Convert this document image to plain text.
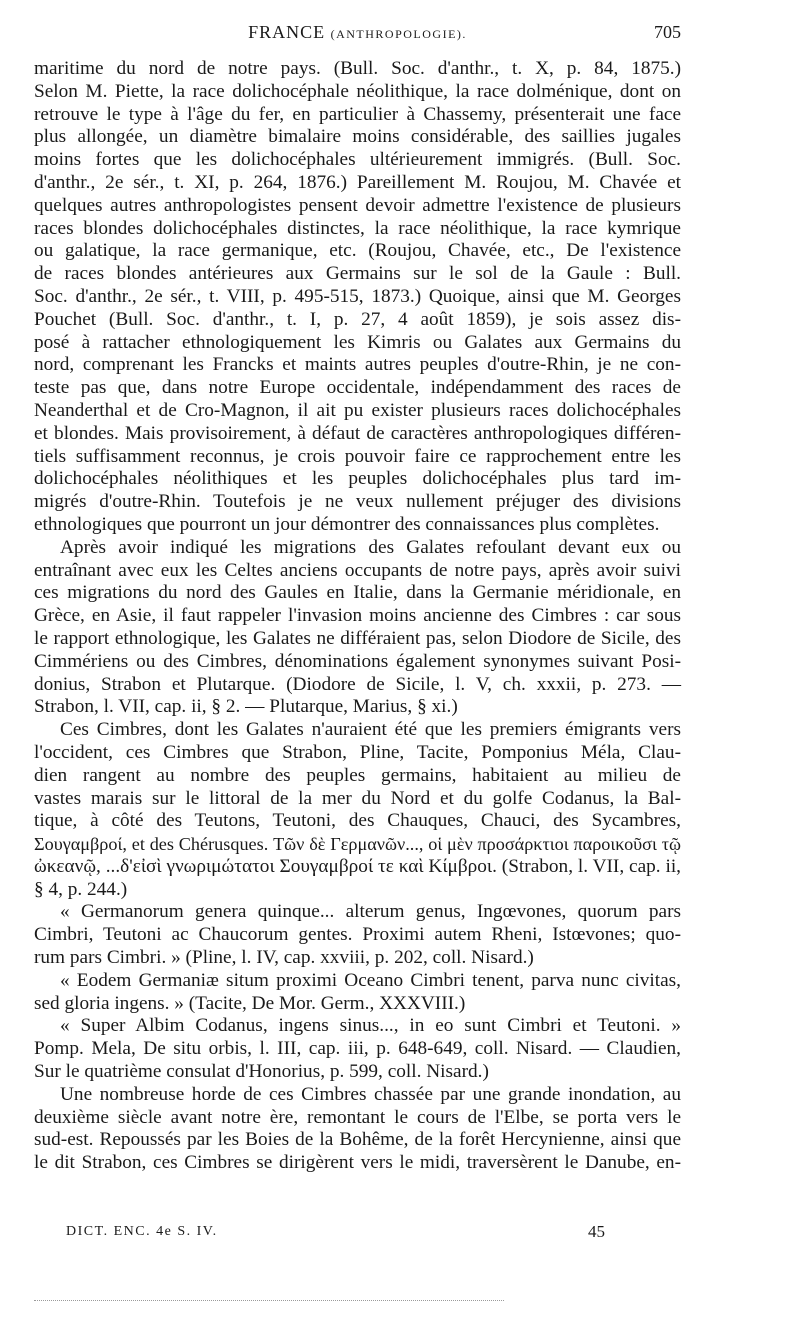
FRANCE (ANTHROPOLOGIE).	705
maritime du nord de notre pays. (Bull. Soc. d'anthr., t. X, p. 84, 1875.)
Selon M. Piette, la race dolichocéphale néolithique, la race dolménique, dont on
retrouve le type à l'âge du fer, en particulier à Chassemy, présenterait une face
plus allongée, un diamètre bimalaire moins considérable, des saillies jugales
moins fortes que les dolichocéphales ultérieurement immigrés. (Bull. Soc.
d'anthr., 2e sér., t. XI, p. 264, 1876.) Pareillement M. Roujou, M. Chavée et
quelques autres anthropologistes pensent devoir admettre l'existence de plusieurs
races blondes dolichocéphales distinctes, la race néolithique, la race kymrique
ou galatique, la race germanique, etc. (Roujou, Chavée, etc., De l'existence
de races blondes antérieures aux Germains sur le sol de la Gaule : Bull.
Soc. d'anthr., 2e sér., t. VIII, p. 495-515, 1873.) Quoique, ainsi que M. Georges
Pouchet (Bull. Soc. d'anthr., t. I, p. 27, 4 août 1859), je sois assez dis-
posé à rattacher ethnologiquement les Kimris ou Galates aux Germains du
nord, comprenant les Francks et maints autres peuples d'outre-Rhin, je ne con-
teste pas que, dans notre Europe occidentale, indépendamment des races de
Neanderthal et de Cro-Magnon, il ait pu exister plusieurs races dolichocéphales
et blondes. Mais provisoirement, à défaut de caractères anthropologiques différen-
tiels suffisamment reconnus, je crois pouvoir faire ce rapprochement entre les
dolichocéphales néolithiques et les peuples dolichocéphales plus tard im-
migrés d'outre-Rhin. Toutefois je ne veux nullement préjuger des divisions
ethnologiques que pourront un jour démontrer des connaissances plus complètes.
Après avoir indiqué les migrations des Galates refoulant devant eux ou
entraînant avec eux les Celtes anciens occupants de notre pays, après avoir suivi
ces migrations du nord des Gaules en Italie, dans la Germanie méridionale, en
Grèce, en Asie, il faut rappeler l'invasion moins ancienne des Cimbres : car sous
le rapport ethnologique, les Galates ne différaient pas, selon Diodore de Sicile, des
Cimmériens ou des Cimbres, dénominations également synonymes suivant Posi-
donius, Strabon et Plutarque. (Diodore de Sicile, l. V, ch. xxxii, p. 273. —
Strabon, l. VII, cap. ii, § 2. — Plutarque, Marius, § xi.)
Ces Cimbres, dont les Galates n'auraient été que les premiers émigrants vers
l'occident, ces Cimbres que Strabon, Pline, Tacite, Pomponius Méla, Clau-
dien rangent au nombre des peuples germains, habitaient au milieu de
vastes marais sur le littoral de la mer du Nord et du golfe Codanus, la Bal-
tique, à côté des Teutons, Teutoni, des Chauques, Chauci, des Sycambres,
Σουγαμβροί, et des Chérusques. Τῶν δὲ Γερμανῶν..., οἱ μὲν προσάρκτιοι παροικοῦσι τῷ
ὠκεανῷ, ...δ'εἰσὶ γνωριμώτατοι Σουγαμβροί τε καὶ Κίμβροι. (Strabon, l. VII, cap. ii,
§ 4, p. 244.)
« Germanorum genera quinque... alterum genus, Ingœvones, quorum pars
Cimbri, Teutoni ac Chaucorum gentes. Proximi autem Rheni, Istœvones; quo-
rum pars Cimbri. » (Pline, l. IV, cap. xxviii, p. 202, coll. Nisard.)
« Eodem Germaniæ situm proximi Oceano Cimbri tenent, parva nunc civitas,
sed gloria ingens. » (Tacite, De Mor. Germ., XXXVIII.)
« Super Albim Codanus, ingens sinus..., in eo sunt Cimbri et Teutoni. »
Pomp. Mela, De situ orbis, l. III, cap. iii, p. 648-649, coll. Nisard. — Claudien,
Sur le quatrième consulat d'Honorius, p. 599, coll. Nisard.)
Une nombreuse horde de ces Cimbres chassée par une grande inondation, au
deuxième siècle avant notre ère, remontant le cours de l'Elbe, se porta vers le
sud-est. Repoussés par les Boies de la Bohême, de la forêt Hercynienne, ainsi que
le dit Strabon, ces Cimbres se dirigèrent vers le midi, traversèrent le Danube, en-
DICT. ENC. 4e S. IV.	45
